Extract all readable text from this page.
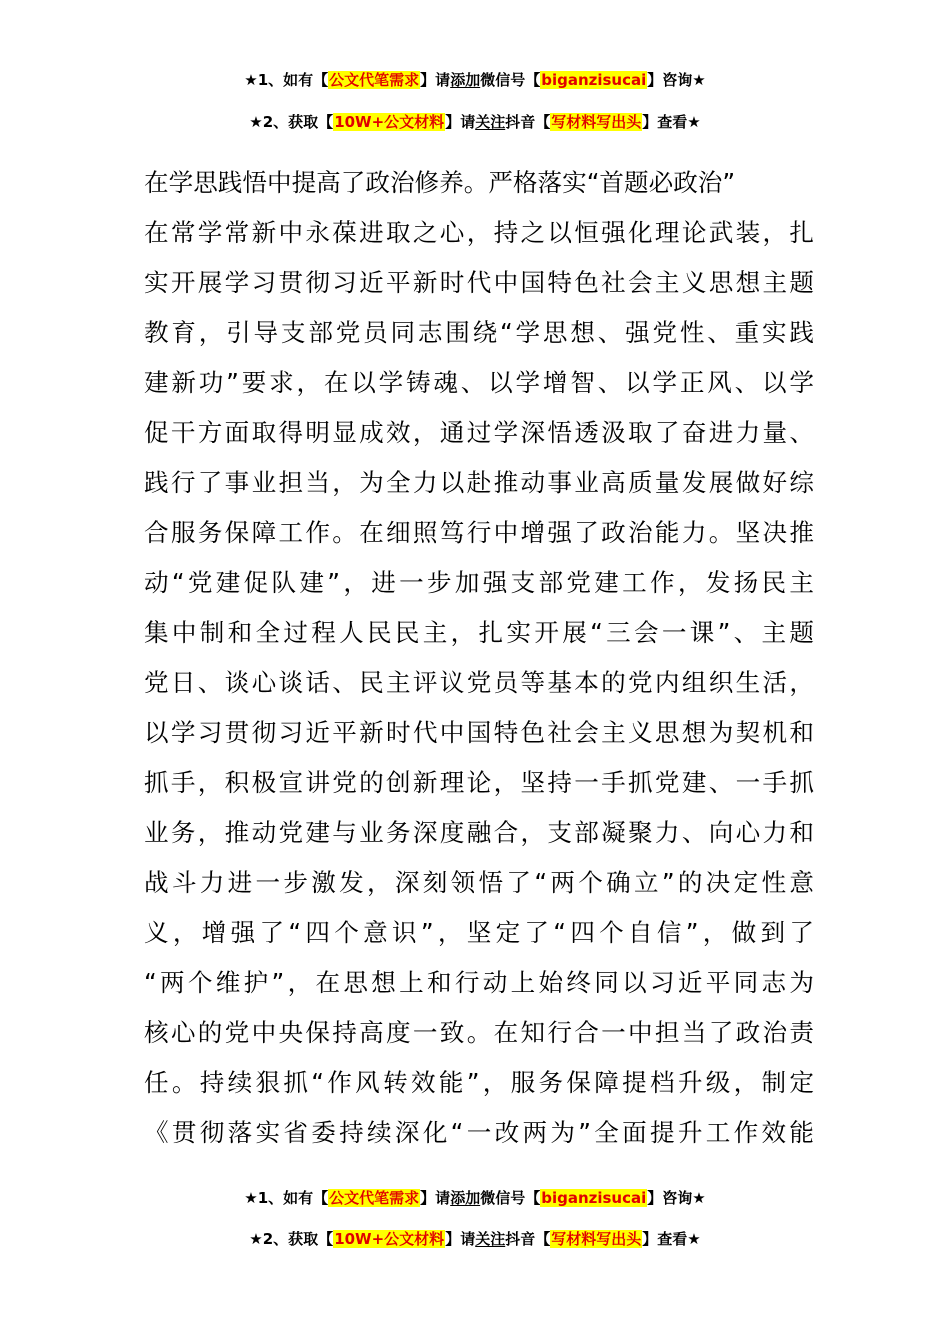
★1、如有【公文代笔需求】请添加微信号【biganzisucai】咨询★
★2、获取【10W+公文材料】请关注抖音【写材料写出头】查看★
在学思践悟中提高了政治修养。严格落实“首题必政治”
在常学常新中永葆进取之心，持之以恒强化理论武装，扎
实开展学习贯彻习近平新时代中国特色社会主义思想主题
教育，引导支部党员同志围绕“学思想、强党性、重实践
建新功”要求，在以学铸魂、以学增智、以学正风、以学
促干方面取得明显成效，通过学深悟透汲取了奋进力量、
践行了事业担当，为全力以赴推动事业高质量发展做好综
合服务保障工作。在细照笃行中增强了政治能力。坚决推
动“党建促队建”，进一步加强支部党建工作，发扬民主
集中制和全过程人民民主，扎实开展“三会一课”、主题
党日、谈心谈话、民主评议党员等基本的党内组织生活，
以学习贯彻习近平新时代中国特色社会主义思想为契机和
抓手，积极宣讲党的创新理论，坚持一手抓党建、一手抓
业务，推动党建与业务深度融合，支部凝聚力、向心力和
战斗力进一步激发，深刻领悟了“两个确立”的决定性意
义，增强了“四个意识”，坚定了“四个自信”，做到了
“两个维护”，在思想上和行动上始终同以习近平同志为
核心的党中央保持高度一致。在知行合一中担当了政治责
任。持续狠抓“作风转效能”，服务保障提档升级，制定
《贯彻落实省委持续深化“一改两为”全面提升工作效能
★1、如有【公文代笔需求】请添加微信号【biganzisucai】咨询★
★2、获取【10W+公文材料】请关注抖音【写材料写出头】查看★
